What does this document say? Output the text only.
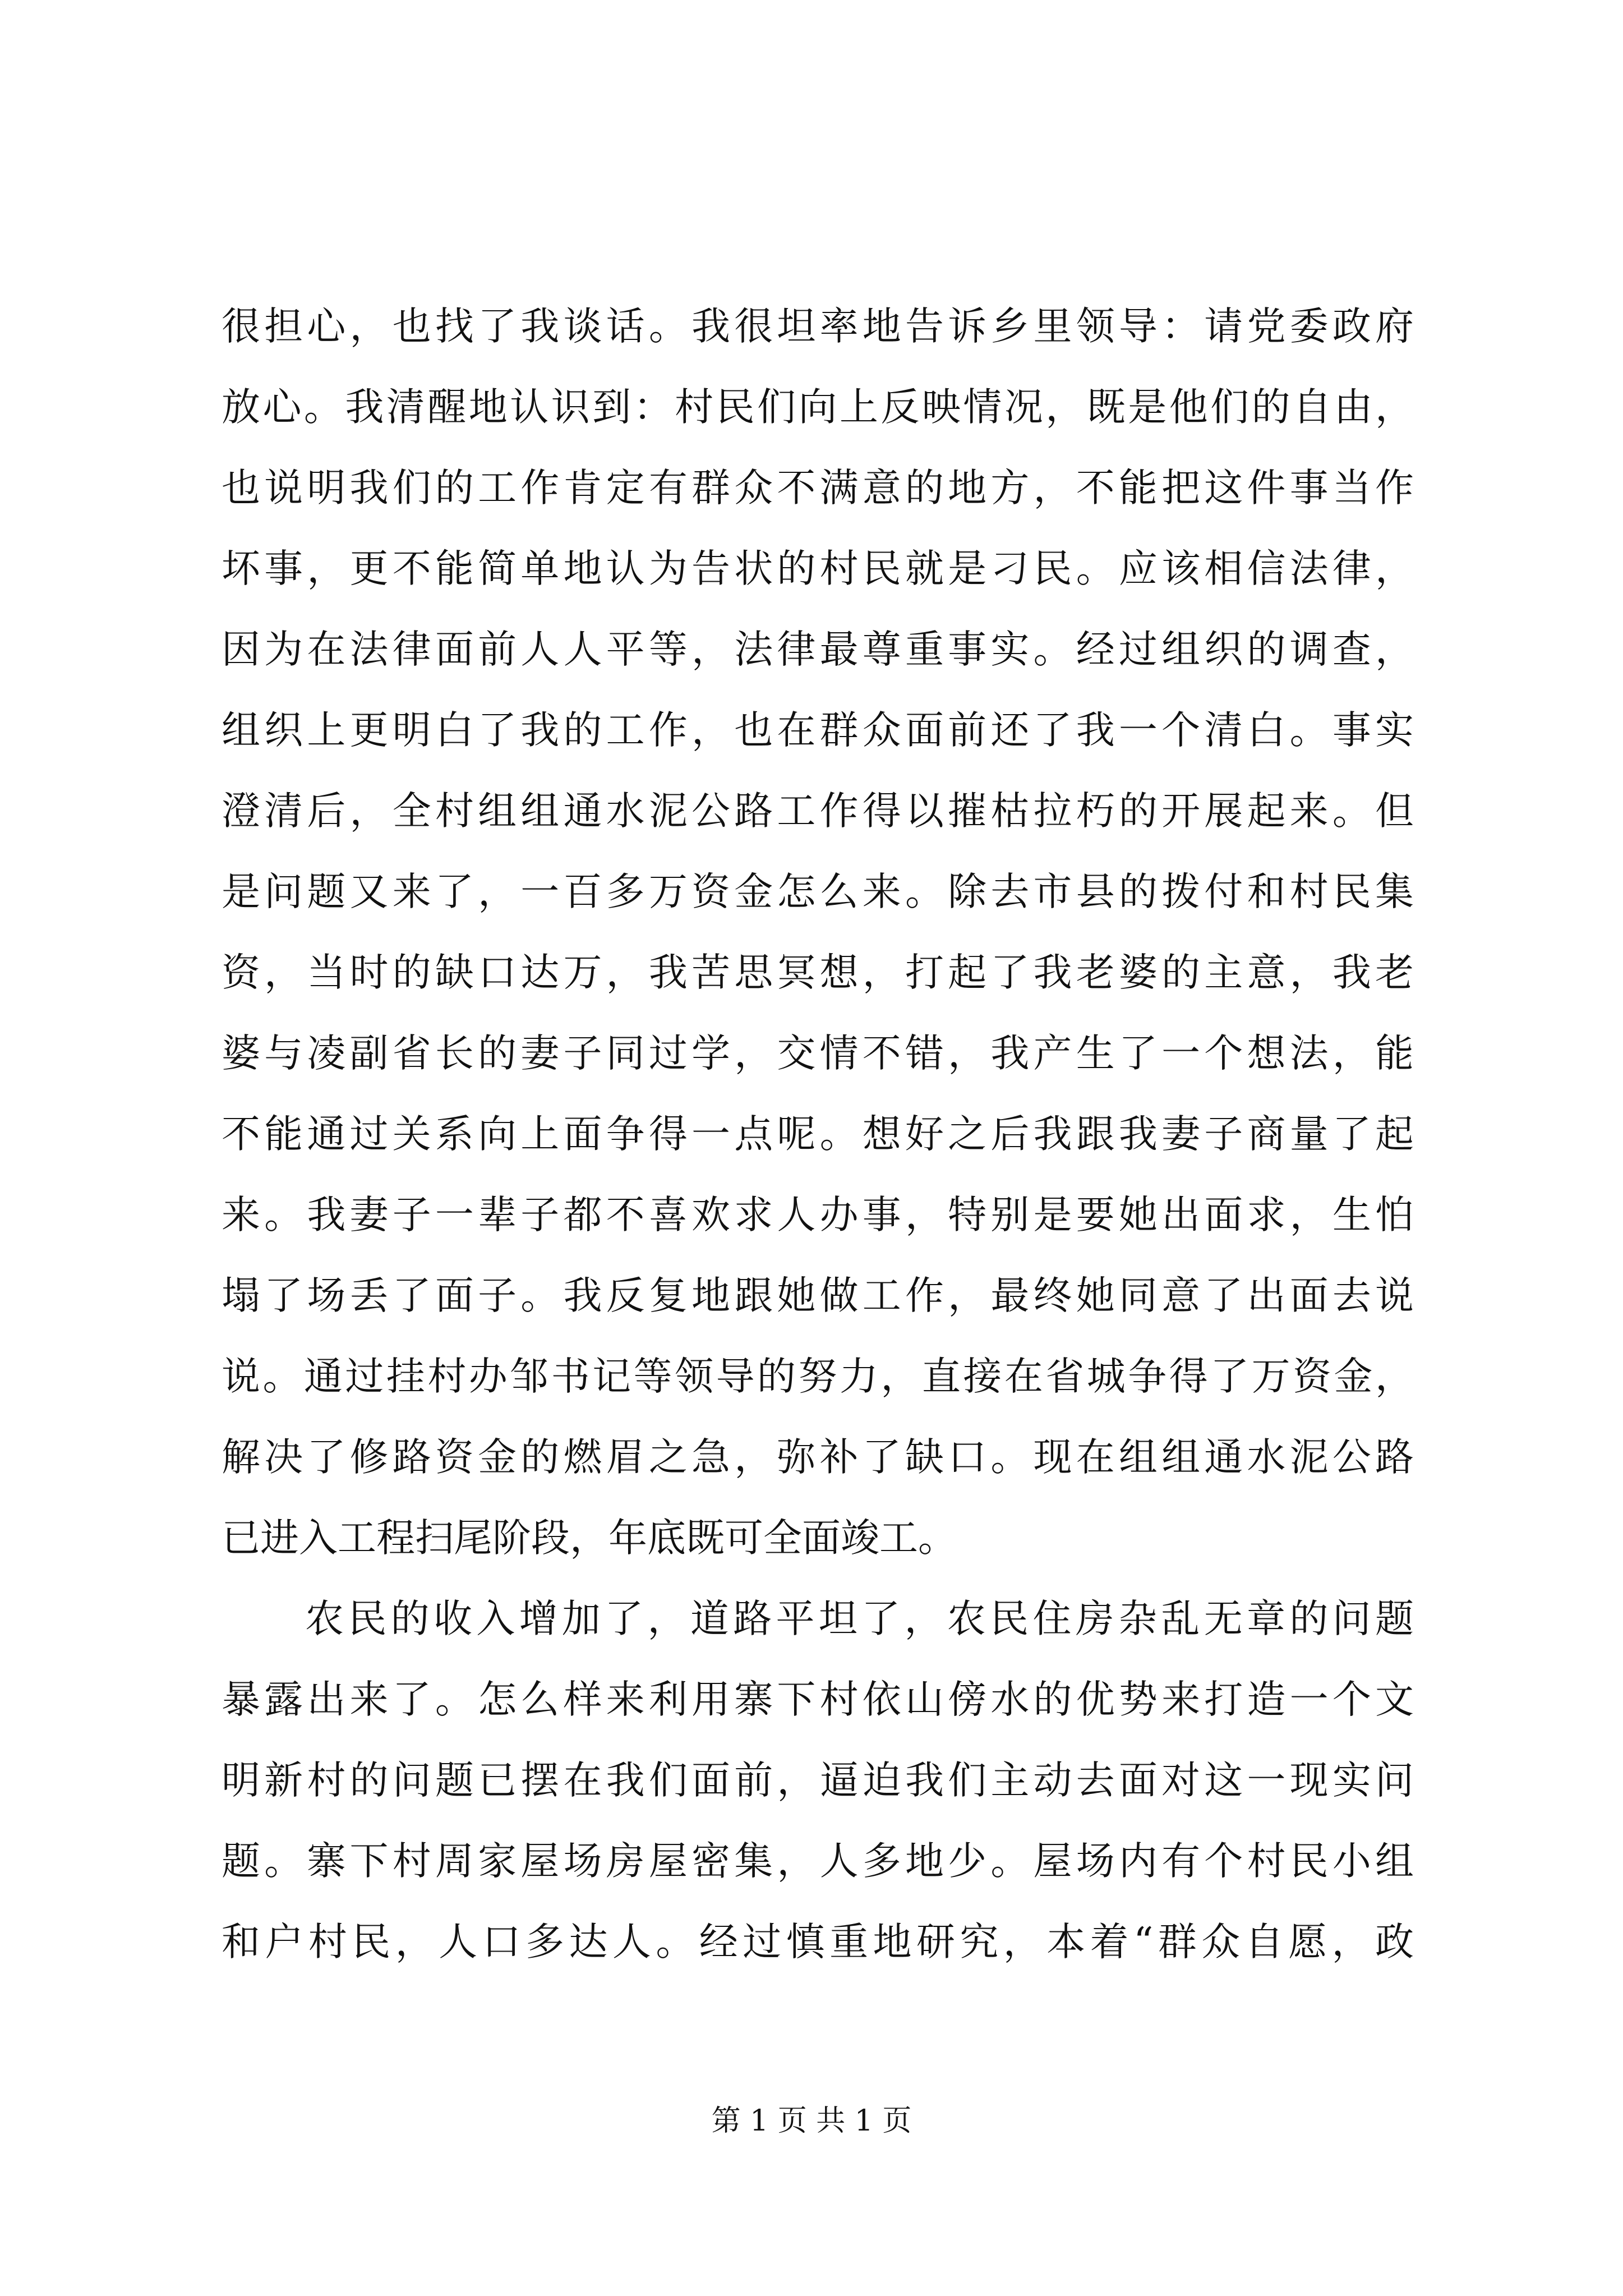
很担心，也找了我谈话。我很坦率地告诉乡里领导：请党委政府
放心。我清醒地认识到：村民们向上反映情况，既是他们的自由，
也说明我们的工作肯定有群众不满意的地方，不能把这件事当作
坏事，更不能简单地认为告状的村民就是刁民。应该相信法律，
因为在法律面前人人平等，法律最尊重事实。经过组织的调查，
组织上更明白了我的工作，也在群众面前还了我一个清白。事实
澄清后，全村组组通水泥公路工作得以摧枯拉朽的开展起来。但
是问题又来了，一百多万资金怎么来。除去市县的拨付和村民集
资，当时的缺口达万，我苦思冥想，打起了我老婆的主意，我老
婆与凌副省长的妻子同过学，交情不错，我产生了一个想法，能
不能通过关系向上面争得一点呢。想好之后我跟我妻子商量了起
来。我妻子一辈子都不喜欢求人办事，特别是要她出面求，生怕
塌了场丢了面子。我反复地跟她做工作，最终她同意了出面去说
说。通过挂村办邹书记等领导的努力，直接在省城争得了万资金，
解决了修路资金的燃眉之急，弥补了缺口。现在组组通水泥公路
已进入工程扫尾阶段，年底既可全面竣工。
农民的收入增加了，道路平坦了，农民住房杂乱无章的问题
暴露出来了。怎么样来利用寨下村依山傍水的优势来打造一个文
明新村的问题已摆在我们面前，逼迫我们主动去面对这一现实问
题。寨下村周家屋场房屋密集，人多地少。屋场内有个村民小组
和户村民，人口多达人。经过慎重地研究，本着“群众自愿，政
第 1 页 共 1 页
